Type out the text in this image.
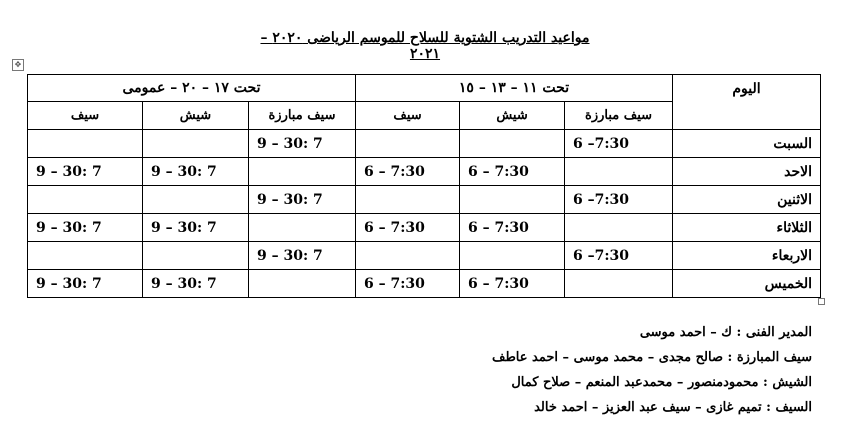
مواعيد التدريب الشتوية للسلاح للموسم الرياضى ٢٠٢٠ – ٢٠٢١
✥
اليوم	تحت ١١ – ١٣ – ١٥			تحت ١٧ – ٢٠ – عمومى		
	سيف مبارزة	شيش	سيف	سيف مبارزة	شيش	سيف
السبت	6 –7:30			9 – 30: 7		
الاحد		6 – 7:30	6 – 7:30		9 – 30: 7	9 – 30: 7
الاثنين	6 –7:30			9 – 30: 7		
الثلاثاء		6 – 7:30	6 – 7:30		9 – 30: 7	9 – 30: 7
الاربعاء	6 –7:30			9 – 30: 7		
الخميس		6 – 7:30	6 – 7:30		9 – 30: 7	9 – 30: 7
المدير الفنى : ك – احمد موسى
سيف المبارزة : صالح مجدى – محمد موسى – احمد عاطف
الشيش : محمودمنصور – محمدعبد المنعم – صلاح كمال
السيف : تميم غازى – سيف عبد العزيز – احمد خالد
